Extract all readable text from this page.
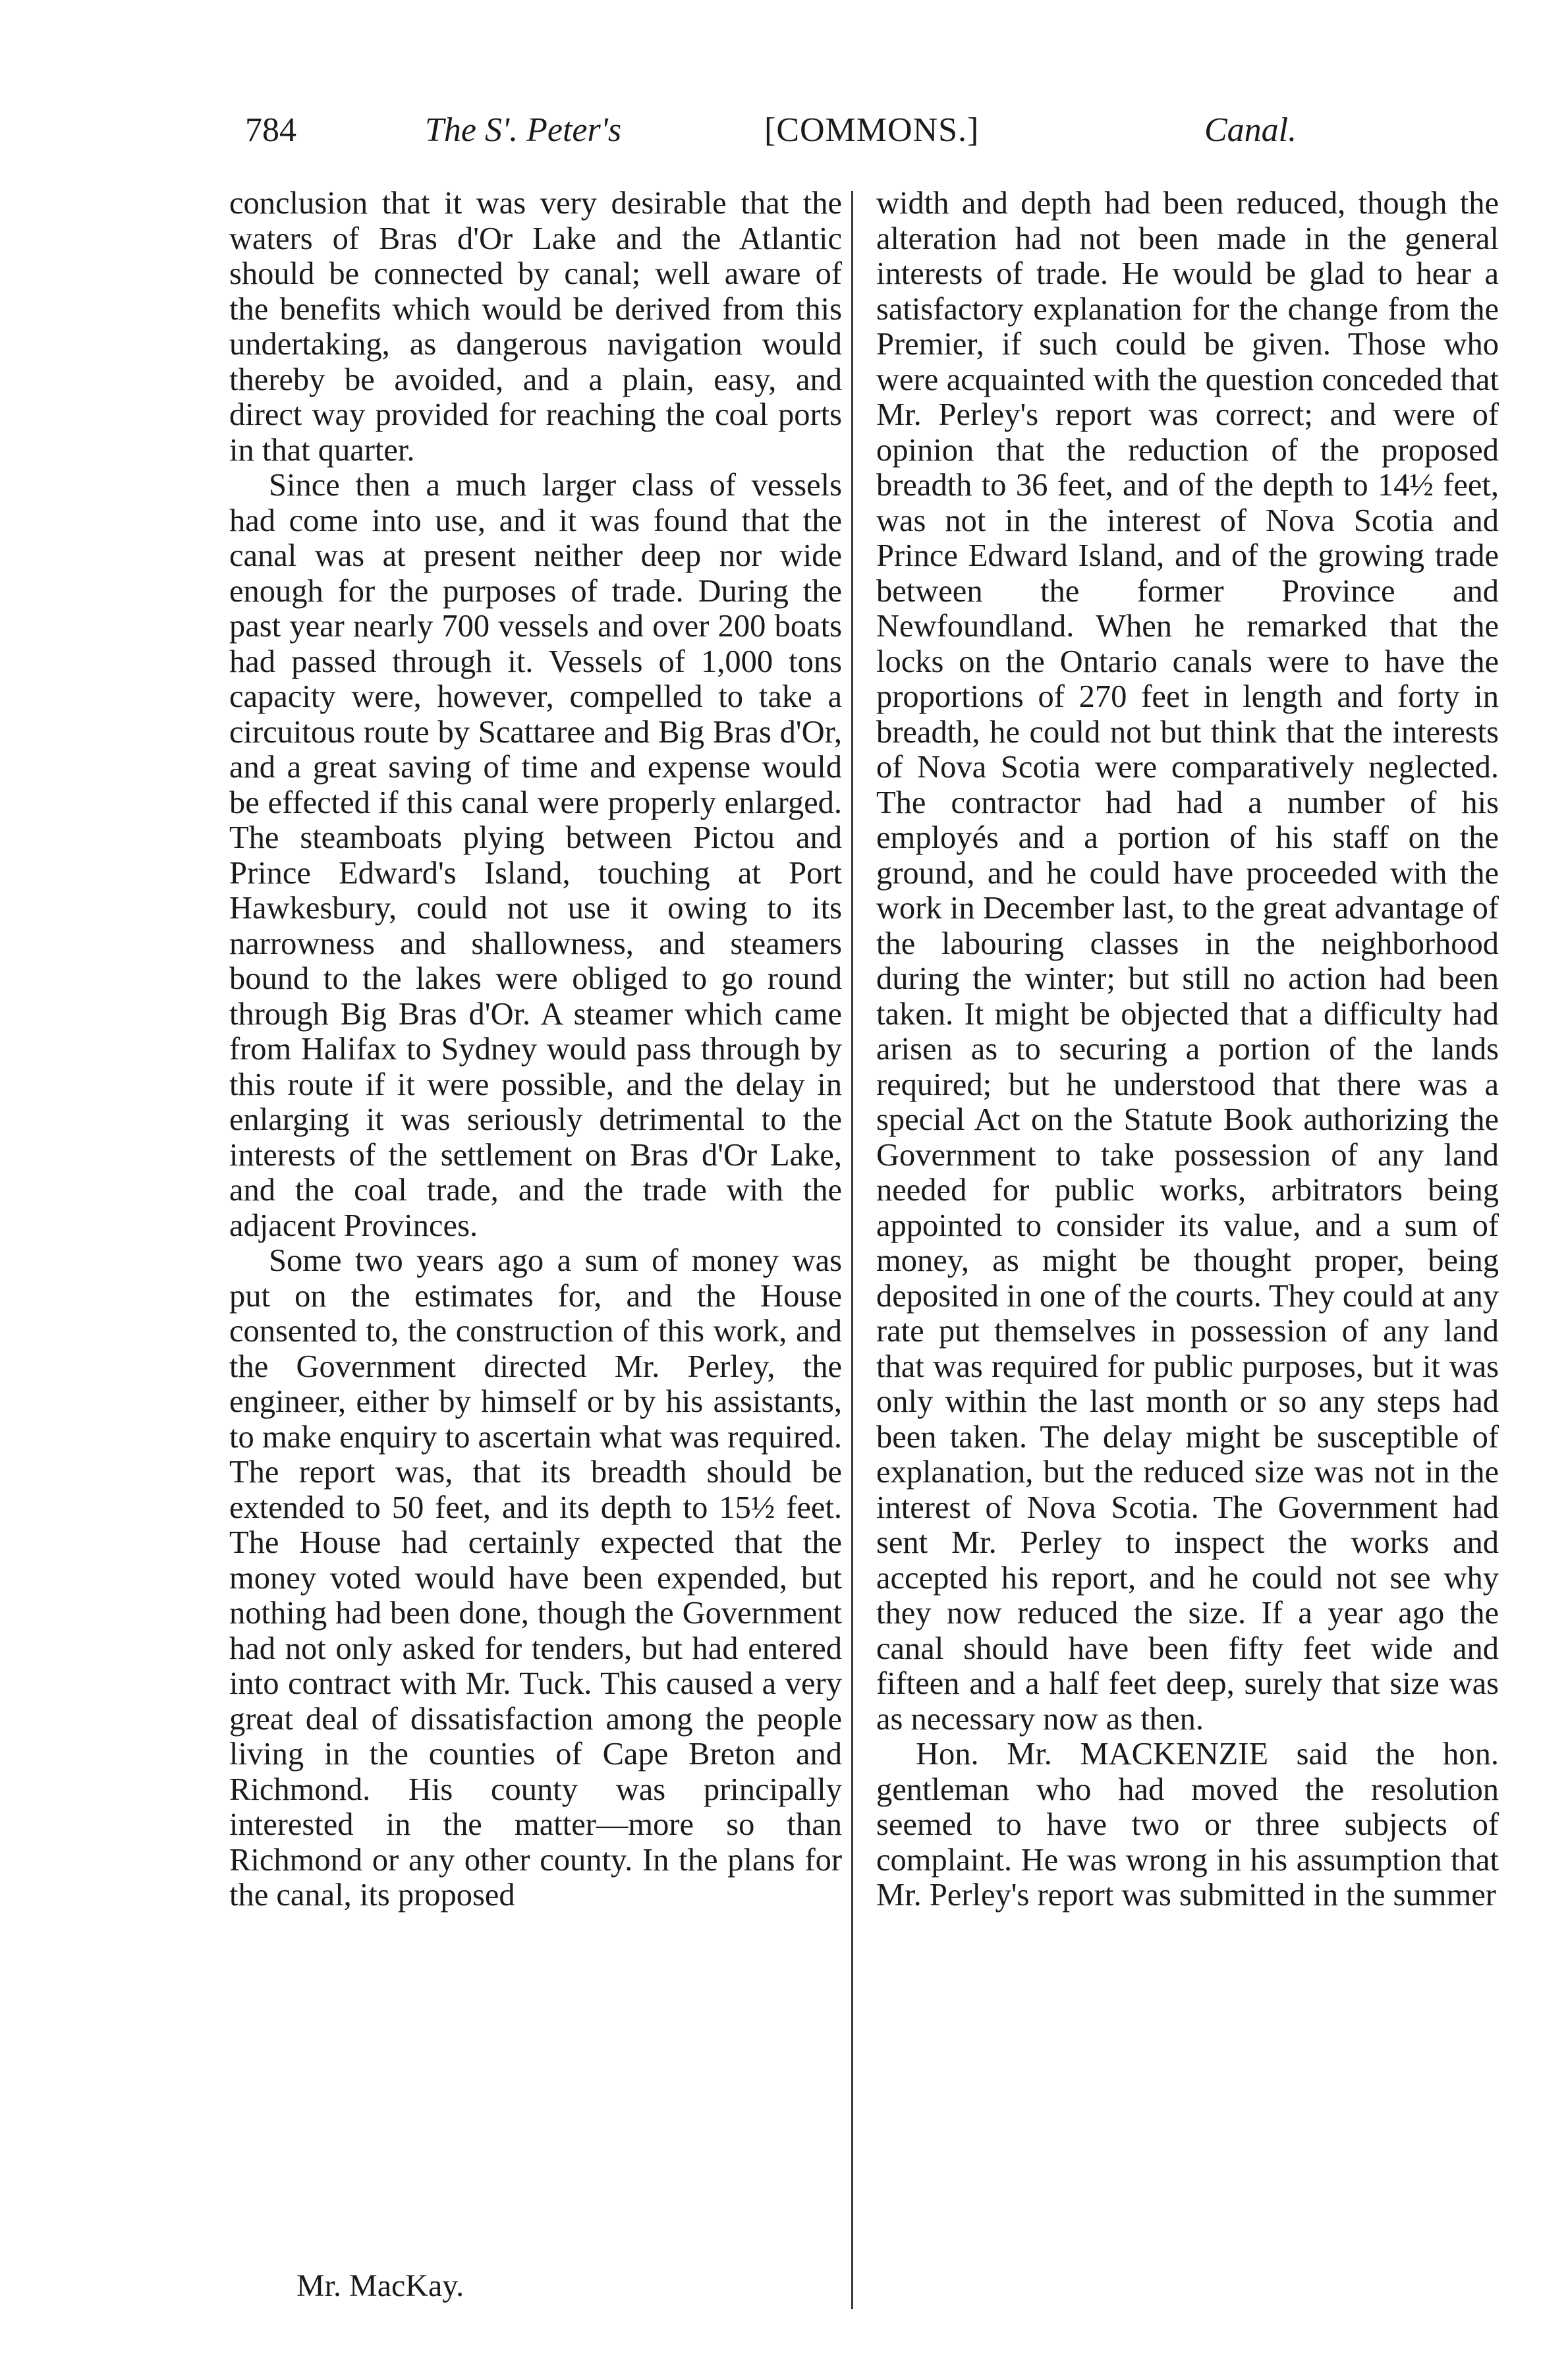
784	The S'. Peter's	[COMMONS.]	Canal.

conclusion that it was very desirable that the waters of Bras d'Or Lake and the Atlantic should be connected by canal; well aware of the benefits which would be derived from this undertaking, as dangerous navigation would thereby be avoided, and a plain, easy, and direct way provided for reaching the coal ports in that quarter.

Since then a much larger class of vessels had come into use, and it was found that the canal was at present neither deep nor wide enough for the purposes of trade. During the past year nearly 700 vessels and over 200 boats had passed through it. Vessels of 1,000 tons capacity were, however, compelled to take a circuitous route by Scattaree and Big Bras d'Or, and a great saving of time and expense would be effected if this canal were properly enlarged. The steamboats plying between Pictou and Prince Edward's Island, touching at Port Hawkesbury, could not use it owing to its narrowness and shallowness, and steamers bound to the lakes were obliged to go round through Big Bras d'Or. A steamer which came from Halifax to Sydney would pass through by this route if it were possible, and the delay in enlarging it was seriously detrimental to the interests of the settlement on Bras d'Or Lake, and the coal trade, and the trade with the adjacent Provinces.

Some two years ago a sum of money was put on the estimates for, and the House consented to, the construction of this work, and the Government directed Mr. Perley, the engineer, either by himself or by his assistants, to make enquiry to ascertain what was required. The report was, that its breadth should be extended to 50 feet, and its depth to 15½ feet. The House had certainly expected that the money voted would have been expended, but nothing had been done, though the Government had not only asked for tenders, but had entered into contract with Mr. Tuck. This caused a very great deal of dissatisfaction among the people living in the counties of Cape Breton and Richmond. His county was principally interested in the matter—more so than Richmond or any other county. In the plans for the canal, its proposed

width and depth had been reduced, though the alteration had not been made in the general interests of trade. He would be glad to hear a satisfactory explanation for the change from the Premier, if such could be given. Those who were acquainted with the question conceded that Mr. Perley's report was correct; and were of opinion that the reduction of the proposed breadth to 36 feet, and of the depth to 14½ feet, was not in the interest of Nova Scotia and Prince Edward Island, and of the growing trade between the former Province and Newfoundland. When he remarked that the locks on the Ontario canals were to have the proportions of 270 feet in length and forty in breadth, he could not but think that the interests of Nova Scotia were comparatively neglected. The contractor had had a number of his employés and a portion of his staff on the ground, and he could have proceeded with the work in December last, to the great advantage of the labouring classes in the neighborhood during the winter; but still no action had been taken. It might be objected that a difficulty had arisen as to securing a portion of the lands required; but he understood that there was a special Act on the Statute Book authorizing the Government to take possession of any land needed for public works, arbitrators being appointed to consider its value, and a sum of money, as might be thought proper, being deposited in one of the courts. They could at any rate put themselves in possession of any land that was required for public purposes, but it was only within the last month or so any steps had been taken. The delay might be susceptible of explanation, but the reduced size was not in the interest of Nova Scotia. The Government had sent Mr. Perley to inspect the works and accepted his report, and he could not see why they now reduced the size. If a year ago the canal should have been fifty feet wide and fifteen and a half feet deep, surely that size was as necessary now as then.

Hon. Mr. MACKENZIE said the hon. gentleman who had moved the resolution seemed to have two or three subjects of complaint. He was wrong in his assumption that Mr. Perley's report was submitted in the summer

Mr. MacKay.
